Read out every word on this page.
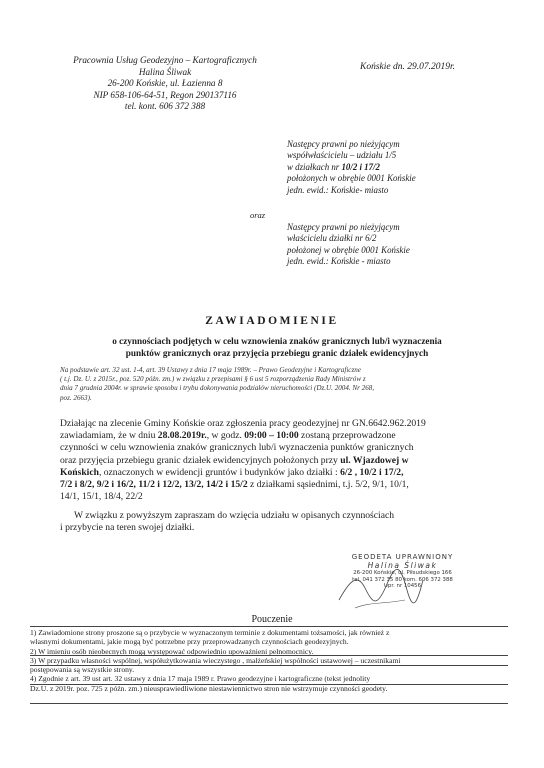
Pracownia Usług Geodezyjno – Kartograficznych
Halina Śliwak
26-200 Końskie, ul. Łazienna 8
NIP 658-106-64-51, Regon 290137116
tel. kont. 606 372 388
Końskie dn. 29.07.2019r.
Następcy prawni po nieżyjącym
współwłaścicielu – udziału 1/5
w działkach nr 10/2 i 17/2
położonych w obrębie 0001 Końskie
jedn. ewid.: Końskie- miasto
oraz
Następcy prawni po nieżyjącym
właścicielu działki nr 6/2
położonej w obrębie 0001 Końskie
jedn. ewid.: Końskie - miasto
ZAWIADOMIENIE
o czynnościach podjętych w celu wznowienia znaków granicznych lub/i wyznaczenia
punktów granicznych oraz przyjęcia przebiegu granic działek ewidencyjnych
Na podstawie art. 32 ust. 1-4, art. 39 Ustawy z dnia 17 maja 1989r. – Prawo Geodezyjne i Kartograficzne
( t.j. Dz. U. z 2015r., poz. 520 późn. zm.) w związku z przepisami § 6 ust 5 rozporządzenia Rady Ministrów z
dnia 7 grudnia 2004r. w sprawie sposobu i trybu dokonywania podziałów nieruchomości (Dz.U. 2004. Nr 268,
poz. 2663).
Działając na zlecenie Gminy Końskie oraz zgłoszenia pracy geodezyjnej nr GN.6642.962.2019
zawiadamiam, że w dniu 28.08.2019r., w godz. 09:00 – 10:00 zostaną przeprowadzone
czynności w celu wznowienia znaków granicznych lub/i wyznaczenia punktów granicznych
oraz przyjęcia przebiegu granic działek ewidencyjnych położonych przy ul. Wjazdowej w
Końskich, oznaczonych w ewidencji gruntów i budynków jako działki : 6/2 , 10/2 i 17/2,
7/2 i 8/2, 9/2 i 16/2, 11/2 i 12/2, 13/2, 14/2 i 15/2 z działkami sąsiednimi, t.j. 5/2, 9/1, 10/1,
14/1, 15/1, 18/4, 22/2
W związku z powyższym zapraszam do wzięcia udziału w opisanych czynnościach
i przybycie na teren swojej działki.
GEODETA UPRAWNIONY
Halina Śliwak
26-200 Końskie, ul. Piłsudskiego 166
tel. 041 372 35 80 kom. 606 372 388
Upr. nr 10456
Pouczenie
1) Zawiadomione strony proszone są o przybycie w wyznaczonym terminie z dokumentami tożsamości, jak również z
własnymi dokumentami, jakie mogą być potrzebne przy przeprowadzanych czynnościach geodezyjnych.
2) W imieniu osób nieobecnych mogą występować odpowiednio upoważnieni pełnomocnicy.
3) W przypadku własności wspólnej, współużytkowania wieczystego , małżeńskiej współności ustawowej – uczestnikami
postępowania są wszystkie strony.
4) Zgodnie z art. 39 ust art. 32 ustawy z dnia 17 maja 1989 r. Prawo geodezyjne i kartograficzne (tekst jednolity
Dz.U. z 2019r. poz. 725 z późn. zm.) nieusprawiedliwione niestawiennictwo stron nie wstrzymuje czynności geodety.
